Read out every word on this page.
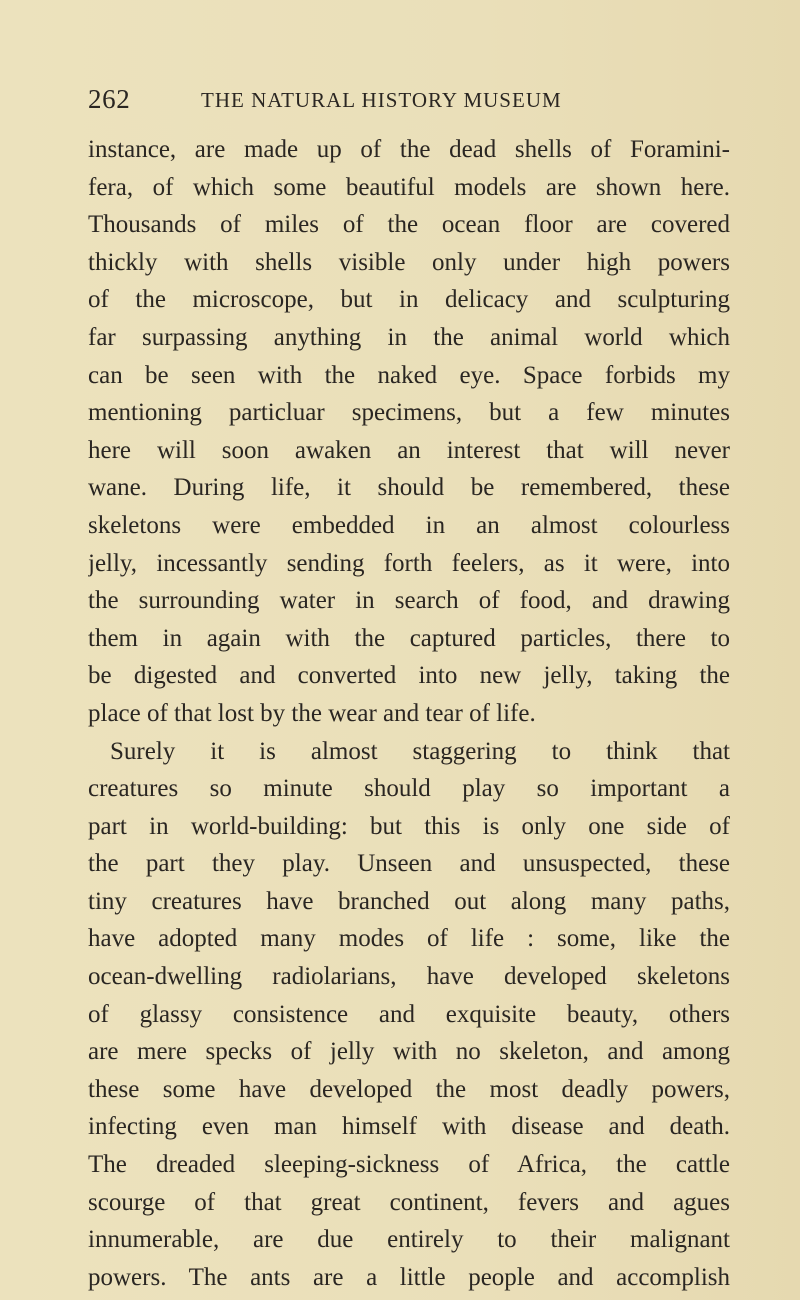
262	THE NATURAL HISTORY MUSEUM
instance, are made up of the dead shells of Foramini-
fera, of which some beautiful models are shown here.
Thousands of miles of the ocean floor are covered
thickly with shells visible only under high powers
of the microscope, but in delicacy and sculpturing
far surpassing anything in the animal world which
can be seen with the naked eye. Space forbids my
mentioning particluar specimens, but a few minutes
here will soon awaken an interest that will never
wane. During life, it should be remembered, these
skeletons were embedded in an almost colourless
jelly, incessantly sending forth feelers, as it were, into
the surrounding water in search of food, and drawing
them in again with the captured particles, there to
be digested and converted into new jelly, taking the
place of that lost by the wear and tear of life.
Surely it is almost staggering to think that
creatures so minute should play so important a
part in world-building: but this is only one side of
the part they play. Unseen and unsuspected, these
tiny creatures have branched out along many paths,
have adopted many modes of life : some, like the
ocean-dwelling radiolarians, have developed skeletons
of glassy consistence and exquisite beauty, others
are mere specks of jelly with no skeleton, and among
these some have developed the most deadly powers,
infecting even man himself with disease and death.
The dreaded sleeping-sickness of Africa, the cattle
scourge of that great continent, fevers and agues
innumerable, are due entirely to their malignant
powers. The ants are a little people and accomplish
